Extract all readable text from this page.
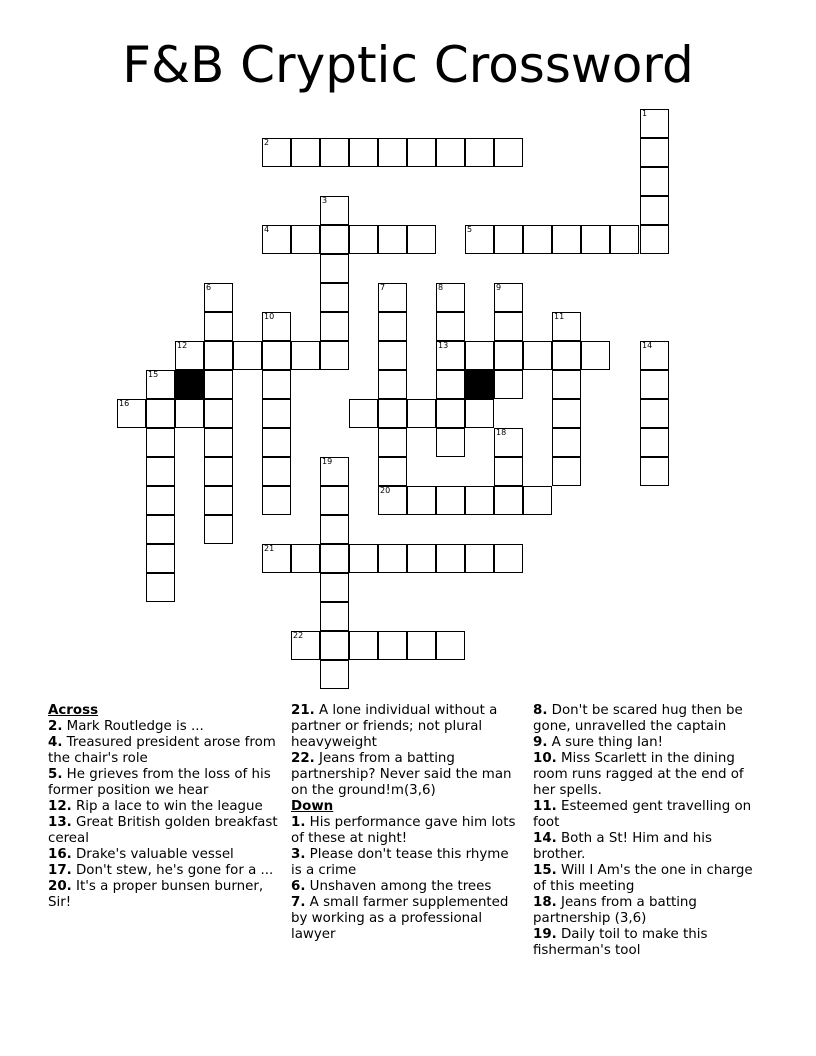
F&B Cryptic Crossword
1
2
3
4	5
6	7
20
8
13
9
10	11
12	14
15
16
18
19
21
22

Across

2. Mark Routledge is ...

4. Treasured president arose from the chair's role

5. He grieves from the loss of his former position we hear

12. Rip a lace to win the league

13. Great British golden breakfast cereal

16. Drake's valuable vessel

17. Don't stew, he's gone for a ...

20. It's a proper bunsen burner, Sir!

21. A lone individual without a partner or friends; not plural heavyweight

22. Jeans from a batting partnership? Never said the man on the ground!m(3,6)

Down

1. His performance gave him lots of these at night!

3. Please don't tease this rhyme is a crime

6. Unshaven among the trees

7. A small farmer supplemented by working as a professional lawyer

8. Don't be scared hug then be gone, unravelled the captain

9. A sure thing Ian!

10. Miss Scarlett in the dining room runs ragged at the end of her spells.

11. Esteemed gent travelling on foot

14. Both a St! Him and his brother.

15. Will I Am's the one in charge of this meeting

18. Jeans from a batting partnership (3,6)

19. Daily toil to make this fisherman's tool
